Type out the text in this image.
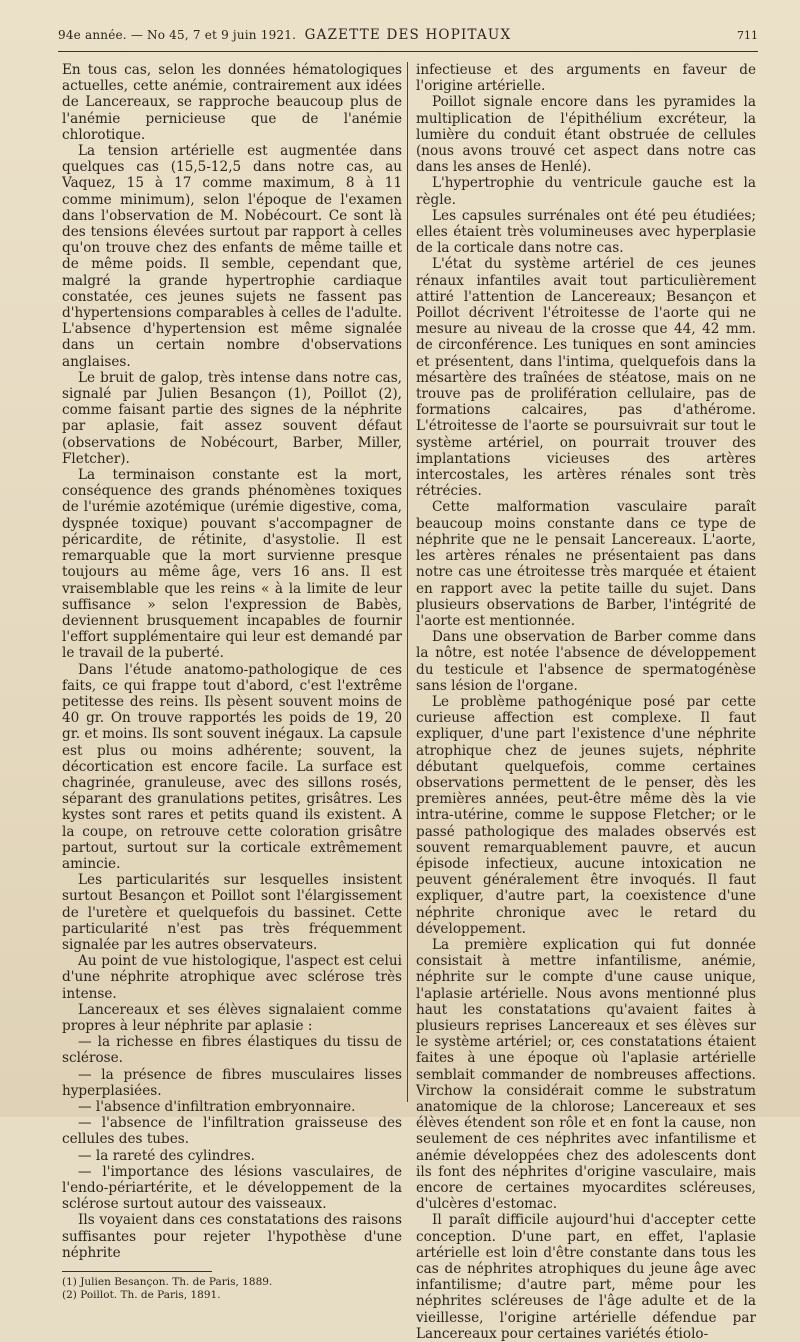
94e année. — No 45, 7 et 9 juin 1921. GAZETTE DES HOPITAUX	711

En tous cas, selon les données hématologiques actuelles, cette anémie, contrairement aux idées de Lancereaux, se rapproche beaucoup plus de l'anémie pernicieuse que de l'anémie chlorotique.

La tension artérielle est augmentée dans quelques cas (15,5-12,5 dans notre cas, au Vaquez, 15 à 17 comme maximum, 8 à 11 comme minimum), selon l'époque de l'examen dans l'observation de M. Nobécourt. Ce sont là des tensions élevées surtout par rapport à celles qu'on trouve chez des enfants de même taille et de même poids. Il semble, cependant que, malgré la grande hypertrophie cardiaque constatée, ces jeunes sujets ne fassent pas d'hypertensions comparables à celles de l'adulte. L'absence d'hypertension est même signalée dans un certain nombre d'observations anglaises.

Le bruit de galop, très intense dans notre cas, signalé par Julien Besançon (1), Poillot (2), comme faisant partie des signes de la néphrite par aplasie, fait assez souvent défaut (observations de Nobécourt, Barber, Miller, Fletcher).

La terminaison constante est la mort, conséquence des grands phénomènes toxiques de l'urémie azotémique (urémie digestive, coma, dyspnée toxique) pouvant s'accompagner de péricardite, de rétinite, d'asystolie. Il est remarquable que la mort survienne presque toujours au même âge, vers 16 ans. Il est vraisemblable que les reins « à la limite de leur suffisance » selon l'expression de Babès, deviennent brusquement incapables de fournir l'effort supplémentaire qui leur est demandé par le travail de la puberté.

Dans l'étude anatomo-pathologique de ces faits, ce qui frappe tout d'abord, c'est l'extrême petitesse des reins. Ils pèsent souvent moins de 40 gr. On trouve rapportés les poids de 19, 20 gr. et moins. Ils sont souvent inégaux. La capsule est plus ou moins adhérente; souvent, la décortication est encore facile. La surface est chagrinée, granuleuse, avec des sillons rosés, séparant des granulations petites, grisâtres. Les kystes sont rares et petits quand ils existent. A la coupe, on retrouve cette coloration grisâtre partout, surtout sur la corticale extrêmement amincie.

Les particularités sur lesquelles insistent surtout Besançon et Poillot sont l'élargissement de l'uretère et quelquefois du bassinet. Cette particularité n'est pas très fréquemment signalée par les autres observateurs.

Au point de vue histologique, l'aspect est celui d'une néphrite atrophique avec sclérose très intense.

Lancereaux et ses élèves signalaient comme propres à leur néphrite par aplasie :

— la richesse en fibres élastiques du tissu de sclérose.

— la présence de fibres musculaires lisses hyperplasiées.

— l'absence d'infiltration embryonnaire.

— l'absence de l'infiltration graisseuse des cellules des tubes.

— la rareté des cylindres.

— l'importance des lésions vasculaires, de l'endo-périartérite, et le développement de la sclérose surtout autour des vaisseaux.

Ils voyaient dans ces constatations des raisons suffisantes pour rejeter l'hypothèse d'une néphrite

(1) Julien Besançon. Th. de Paris, 1889.

(2) Poillot. Th. de Paris, 1891.

infectieuse et des arguments en faveur de l'origine artérielle.

Poillot signale encore dans les pyramides la multiplication de l'épithélium excréteur, la lumière du conduit étant obstruée de cellules (nous avons trouvé cet aspect dans notre cas dans les anses de Henlé).

L'hypertrophie du ventricule gauche est la règle.

Les capsules surrénales ont été peu étudiées; elles étaient très volumineuses avec hyperplasie de la corticale dans notre cas.

L'état du système artériel de ces jeunes rénaux infantiles avait tout particulièrement attiré l'attention de Lancereaux; Besançon et Poillot décrivent l'étroitesse de l'aorte qui ne mesure au niveau de la crosse que 44, 42 mm. de circonférence. Les tuniques en sont amincies et présentent, dans l'intima, quelquefois dans la mésartère des traînées de stéatose, mais on ne trouve pas de prolifération cellulaire, pas de formations calcaires, pas d'athérome. L'étroitesse de l'aorte se poursuivrait sur tout le système artériel, on pourrait trouver des implantations vicieuses des artères intercostales, les artères rénales sont très rétrécies.

Cette malformation vasculaire paraît beaucoup moins constante dans ce type de néphrite que ne le pensait Lancereaux. L'aorte, les artères rénales ne présentaient pas dans notre cas une étroitesse très marquée et étaient en rapport avec la petite taille du sujet. Dans plusieurs observations de Barber, l'intégrité de l'aorte est mentionnée.

Dans une observation de Barber comme dans la nôtre, est notée l'absence de développement du testicule et l'absence de spermatogénèse sans lésion de l'organe.

Le problème pathogénique posé par cette curieuse affection est complexe. Il faut expliquer, d'une part l'existence d'une néphrite atrophique chez de jeunes sujets, néphrite débutant quelquefois, comme certaines observations permettent de le penser, dès les premières années, peut-être même dès la vie intra-utérine, comme le suppose Fletcher; or le passé pathologique des malades observés est souvent remarquablement pauvre, et aucun épisode infectieux, aucune intoxication ne peuvent généralement être invoqués. Il faut expliquer, d'autre part, la coexistence d'une néphrite chronique avec le retard du développement.

La première explication qui fut donnée consistait à mettre infantilisme, anémie, néphrite sur le compte d'une cause unique, l'aplasie artérielle. Nous avons mentionné plus haut les constatations qu'avaient faites à plusieurs reprises Lancereaux et ses élèves sur le système artériel; or, ces constatations étaient faites à une époque où l'aplasie artérielle semblait commander de nombreuses affections. Virchow la considérait comme le substratum anatomique de la chlorose; Lancereaux et ses élèves étendent son rôle et en font la cause, non seulement de ces néphrites avec infantilisme et anémie développées chez des adolescents dont ils font des néphrites d'origine vasculaire, mais encore de certaines myocardites scléreuses, d'ulcères d'estomac.

Il paraît difficile aujourd'hui d'accepter cette conception. D'une part, en effet, l'aplasie artérielle est loin d'être constante dans tous les cas de néphrites atrophiques du jeune âge avec infantilisme; d'autre part, même pour les néphrites scléreuses de l'âge adulte et de la vieillesse, l'origine artérielle défendue par Lancereaux pour certaines variétés étiolo-
